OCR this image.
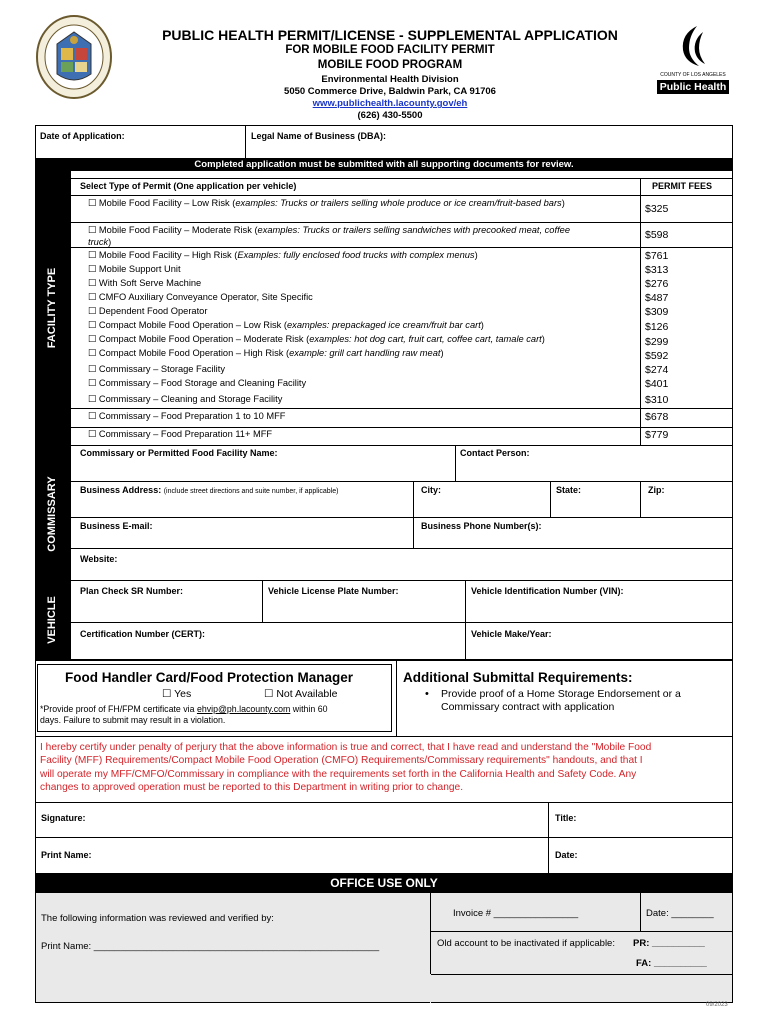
PUBLIC HEALTH PERMIT/LICENSE - SUPPLEMENTAL APPLICATION
FOR MOBILE FOOD FACILITY PERMIT
MOBILE FOOD PROGRAM
Environmental Health Division
5050 Commerce Drive, Baldwin Park, CA 91706
www.publichealth.lacounty.gov/eh
(626) 430-5500
COUNTY OF LOS ANGELES
Public Health
Date of Application:	Legal Name of Business (DBA):
Completed application must be submitted with all supporting documents for review.
FACILITY TYPE
Select Type of Permit (One application per vehicle)	PERMIT FEES
☐ Mobile Food Facility – Low Risk (examples: Trucks or trailers selling whole produce or ice cream/fruit-based bars)	$325
☐ Mobile Food Facility – Moderate Risk (examples: Trucks or trailers selling sandwiches with precooked meat, coffee	$598
truck)
☐ Mobile Food Facility – High Risk (Examples: fully enclosed food trucks with complex menus)	$761
☐ Mobile Support Unit	$313
☐ With Soft Serve Machine	$276
☐ CMFO Auxiliary Conveyance Operator, Site Specific	$487
☐ Dependent Food Operator	$309
☐ Compact Mobile Food Operation – Low Risk (examples: prepackaged ice cream/fruit bar cart)	$126
☐ Compact Mobile Food Operation – Moderate Risk (examples: hot dog cart, fruit cart, coffee cart, tamale cart)	$299
☐ Compact Mobile Food Operation – High Risk (example: grill cart handling raw meat)	$592
☐ Commissary – Storage Facility	$274
☐ Commissary – Food Storage and Cleaning Facility	$401
☐ Commissary – Cleaning and Storage Facility	$310
☐ Commissary – Food Preparation 1 to 10 MFF	$678
☐ Commissary – Food Preparation 11+ MFF	$779
COMMISSARY
Commissary or Permitted Food Facility Name:	Contact Person:
Business Address: (include street directions and suite number, if applicable)	City:	State:	Zip:
Business E-mail:	Business Phone Number(s):
Website:
VEHICLE
Plan Check SR Number:	Vehicle License Plate Number:	Vehicle Identification Number (VIN):
Certification Number (CERT):	Vehicle Make/Year:
Food Handler Card/Food Protection Manager
☐ Yes	☐ Not Available
*Provide proof of FH/FPM certificate via ehvip@ph.lacounty.com within 60
days. Failure to submit may result in a violation.
Additional Submittal Requirements:
• Provide proof of a Home Storage Endorsement or a
Commissary contract with application
I hereby certify under penalty of perjury that the above information is true and correct, that I have read and understand the "Mobile Food
Facility (MFF) Requirements/Compact Mobile Food Operation (CMFO) Requirements/Commissary requirements" handouts, and that I
will operate my MFF/CMFO/Commissary in compliance with the requirements set forth in the California Health and Safety Code. Any
changes to approved operation must be reported to this Department in writing prior to change.
Signature:	Title:
Print Name:	Date:
OFFICE USE ONLY
The following information was reviewed and verified by:
Print Name: ______________________________________________________
Invoice # ________________	Date: ________
Old account to be inactivated if applicable: PR: __________
FA: __________
09/2023
